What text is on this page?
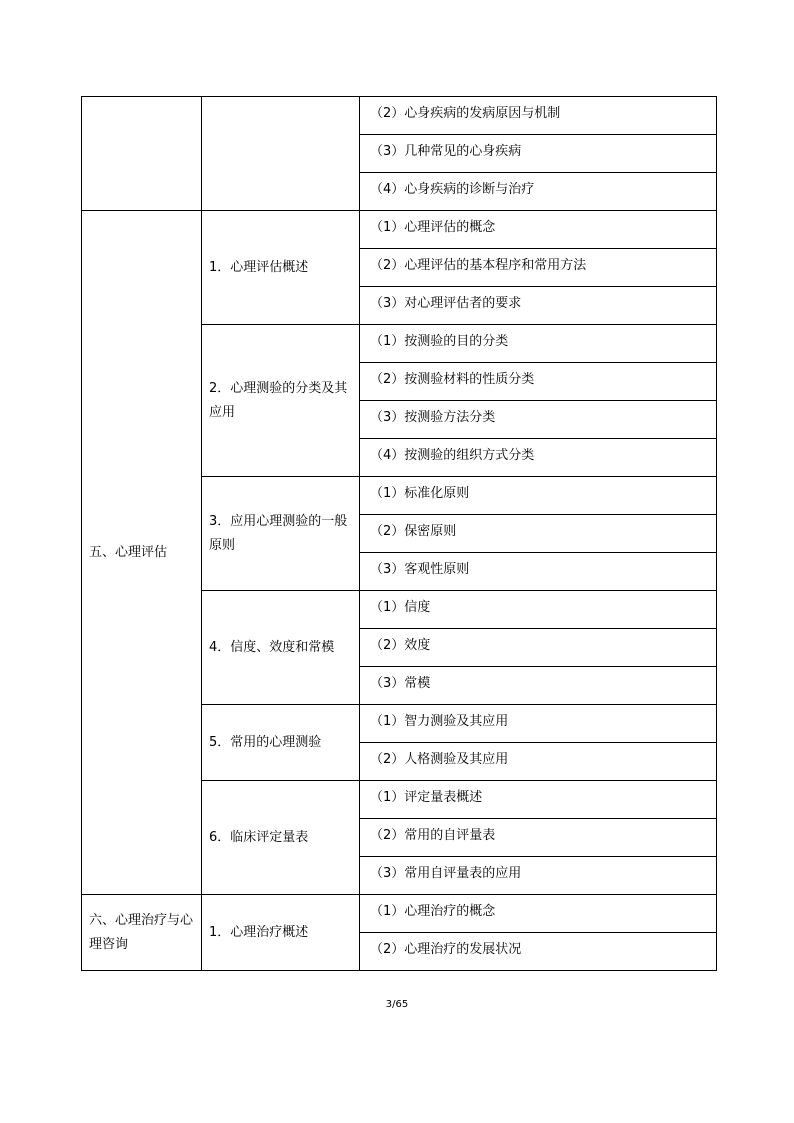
		（2）心身疾病的发病原因与机制
		（3）几种常见的心身疾病
		（4）心身疾病的诊断与治疗
五、心理评估	1．心理评估概述	（1）心理评估的概念
		（2）心理评估的基本程序和常用方法
		（3）对心理评估者的要求
	2．心理测验的分类及其应用	（1）按测验的目的分类
		（2）按测验材料的性质分类
		（3）按测验方法分类
		（4）按测验的组织方式分类
	3．应用心理测验的一般原则	（1）标准化原则
		（2）保密原则
		（3）客观性原则
	4．信度、效度和常模	（1）信度
		（2）效度
		（3）常模
	5．常用的心理测验	（1）智力测验及其应用
		（2）人格测验及其应用
	6．临床评定量表	（1）评定量表概述
		（2）常用的自评量表
		（3）常用自评量表的应用
六、心理治疗与心理咨询	1．心理治疗概述	（1）心理治疗的概念
		（2）心理治疗的发展状况
3/65
